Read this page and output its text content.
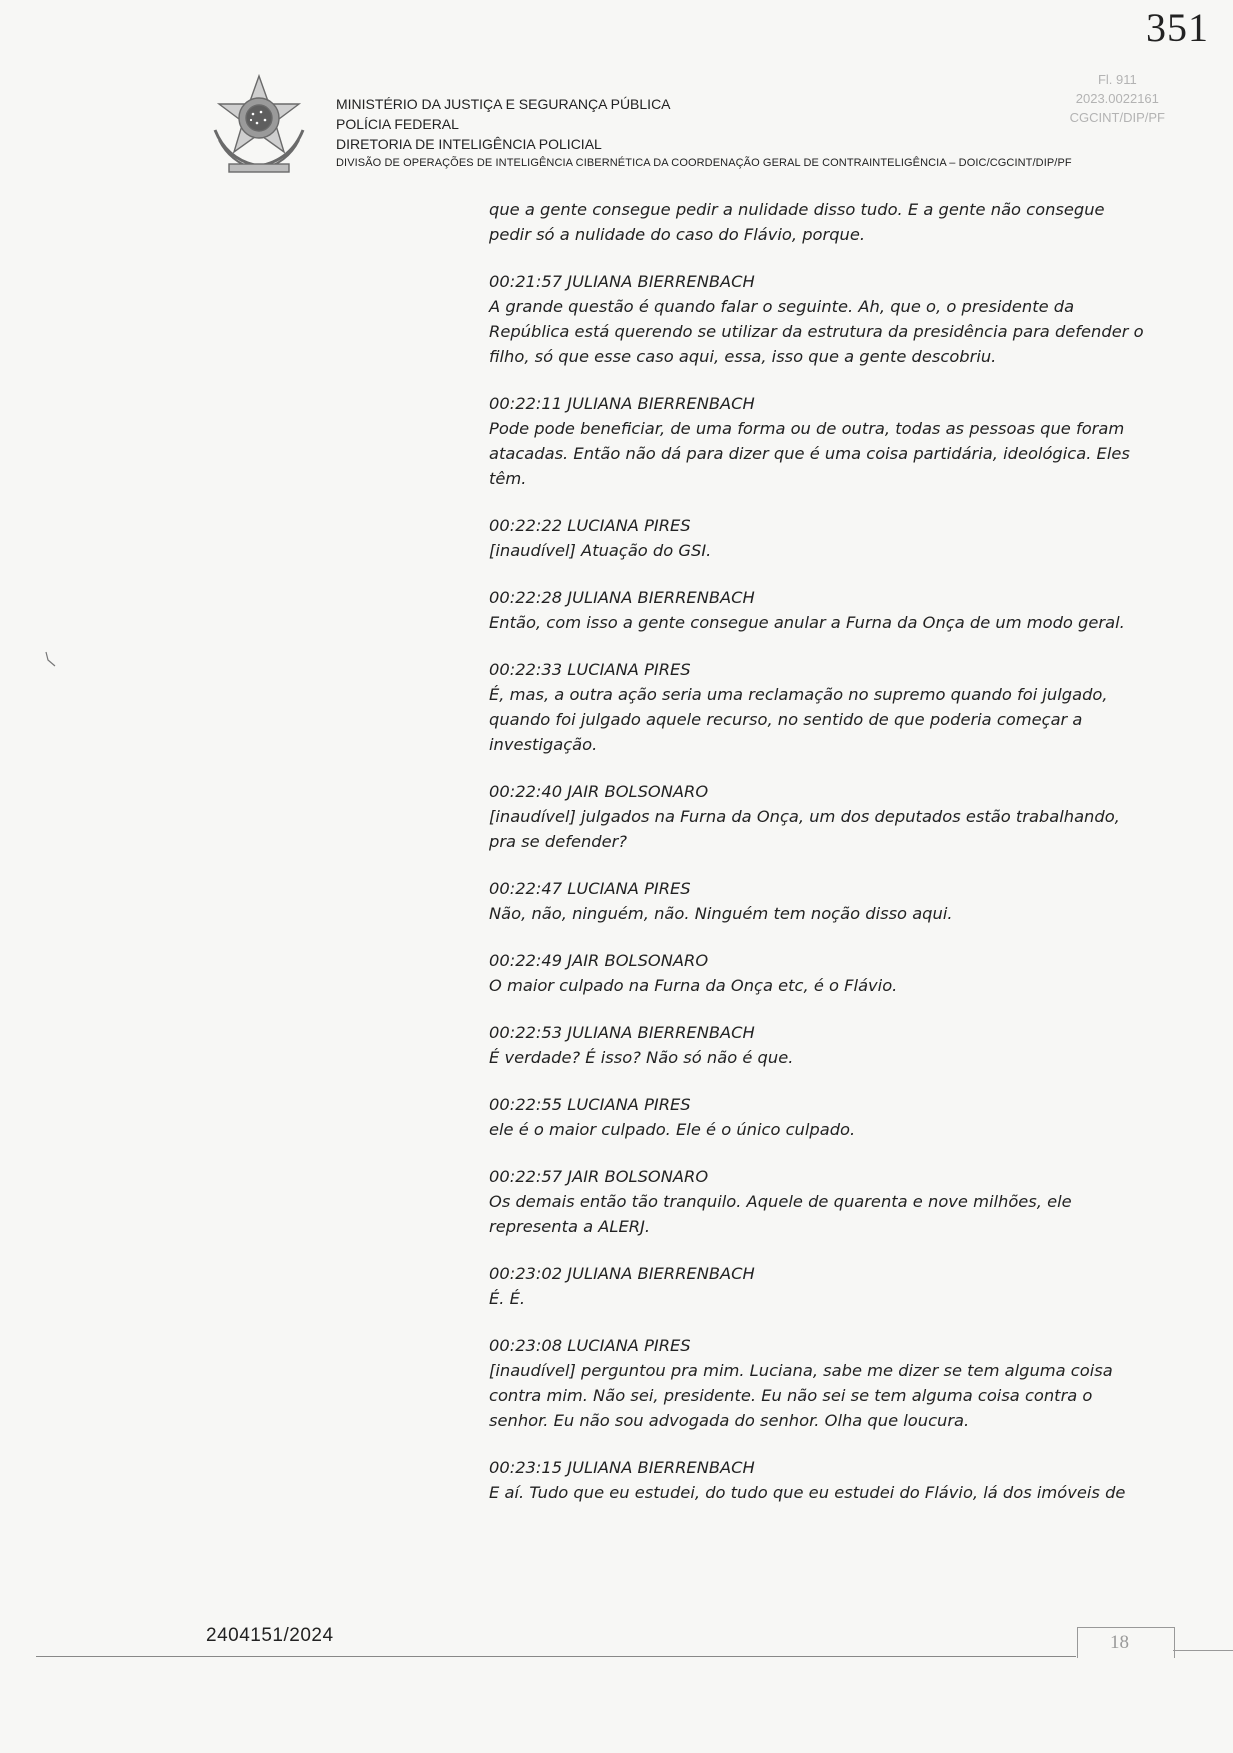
351
MINISTÉRIO DA JUSTIÇA E SEGURANÇA PÚBLICA
POLÍCIA FEDERAL
DIRETORIA DE INTELIGÊNCIA POLICIAL
DIVISÃO DE OPERAÇÕES DE INTELIGÊNCIA CIBERNÉTICA DA COORDENAÇÃO GERAL DE CONTRAINTELIGÊNCIA – DOIC/CGCINT/DIP/PF
Fl. 911
2023.0022161
CGCINT/DIP/PF

que a gente consegue pedir a nulidade disso tudo. E a gente não consegue pedir só a nulidade do caso do Flávio, porque.

00:21:57 JULIANA BIERRENBACH

A grande questão é quando falar o seguinte. Ah, que o, o presidente da República está querendo se utilizar da estrutura da presidência para defender o filho, só que esse caso aqui, essa, isso que a gente descobriu.

00:22:11 JULIANA BIERRENBACH

Pode pode beneficiar, de uma forma ou de outra, todas as pessoas que foram atacadas. Então não dá para dizer que é uma coisa partidária, ideológica. Eles têm.

00:22:22 LUCIANA PIRES

[inaudível] Atuação do GSI.

00:22:28 JULIANA BIERRENBACH

Então, com isso a gente consegue anular a Furna da Onça de um modo geral.

00:22:33 LUCIANA PIRES

É, mas, a outra ação seria uma reclamação no supremo quando foi julgado, quando foi julgado aquele recurso, no sentido de que poderia começar a investigação.

00:22:40 JAIR BOLSONARO

[inaudível] julgados na Furna da Onça, um dos deputados estão trabalhando, pra se defender?

00:22:47 LUCIANA PIRES

Não, não, ninguém, não. Ninguém tem noção disso aqui.

00:22:49 JAIR BOLSONARO

O maior culpado na Furna da Onça etc, é o Flávio.

00:22:53 JULIANA BIERRENBACH

É verdade? É isso? Não só não é que.

00:22:55 LUCIANA PIRES

ele é o maior culpado. Ele é o único culpado.

00:22:57 JAIR BOLSONARO

Os demais então tão tranquilo. Aquele de quarenta e nove milhões, ele representa a ALERJ.

00:23:02 JULIANA BIERRENBACH

É. É.

00:23:08 LUCIANA PIRES

[inaudível] perguntou pra mim. Luciana, sabe me dizer se tem alguma coisa contra mim. Não sei, presidente. Eu não sei se tem alguma coisa contra o senhor. Eu não sou advogada do senhor. Olha que loucura.

00:23:15 JULIANA BIERRENBACH

E aí. Tudo que eu estudei, do tudo que eu estudei do Flávio, lá dos imóveis de

2404151/2024	18
